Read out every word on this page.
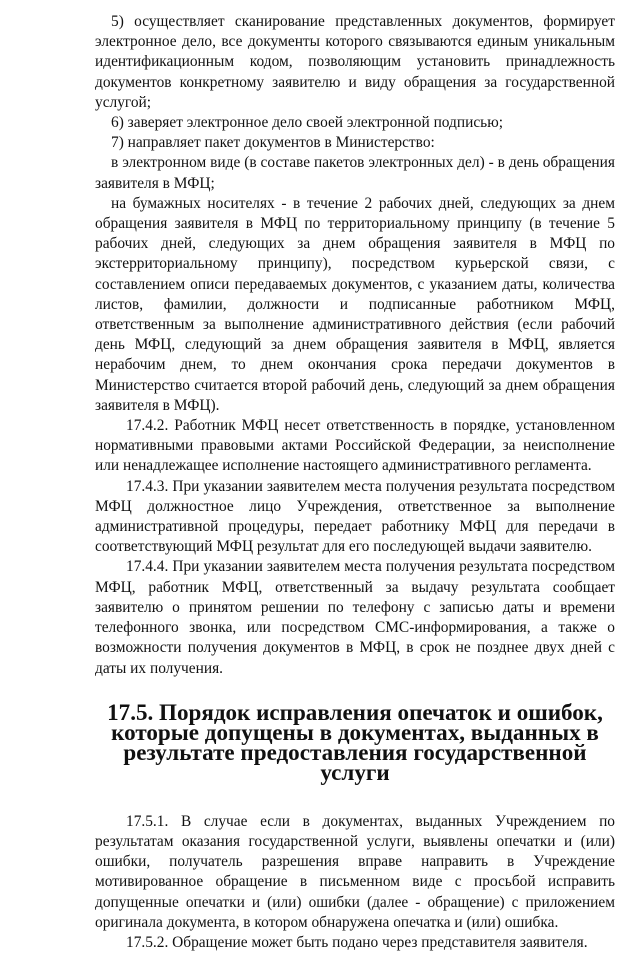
5) осуществляет сканирование представленных документов, формирует электронное дело, все документы которого связываются единым уникальным идентификационным кодом, позволяющим установить принадлежность документов конкретному заявителю и виду обращения за государственной услугой;

6) заверяет электронное дело своей электронной подписью;

7) направляет пакет документов в Министерство:

в электронном виде (в составе пакетов электронных дел) - в день обращения заявителя в МФЦ;

на бумажных носителях - в течение 2 рабочих дней, следующих за днем обращения заявителя в МФЦ по территориальному принципу (в течение 5 рабочих дней, следующих за днем обращения заявителя в МФЦ по экстерриториальному принципу), посредством курьерской связи, с составлением описи передаваемых документов, с указанием даты, количества листов, фамилии, должности и подписанные работником МФЦ, ответственным за выполнение административного действия (если рабочий день МФЦ, следующий за днем обращения заявителя в МФЦ, является нерабочим днем, то днем окончания срока передачи документов в Министерство считается второй рабочий день, следующий за днем обращения заявителя в МФЦ).

17.4.2. Работник МФЦ несет ответственность в порядке, установленном нормативными правовыми актами Российской Федерации, за неисполнение или ненадлежащее исполнение настоящего административного регламента.

17.4.3. При указании заявителем места получения результата посредством МФЦ должностное лицо Учреждения, ответственное за выполнение административной процедуры, передает работнику МФЦ для передачи в соответствующий МФЦ результат для его последующей выдачи заявителю.

17.4.4. При указании заявителем места получения результата посредством МФЦ, работник МФЦ, ответственный за выдачу результата сообщает заявителю о принятом решении по телефону с записью даты и времени телефонного звонка, или посредством СМС-информирования, а также о возможности получения документов в МФЦ, в срок не позднее двух дней с даты их получения.

17.5. Порядок исправления опечаток и ошибок, которые допущены в документах, выданных в результате предоставления государственной услуги

17.5.1. В случае если в документах, выданных Учреждением по результатам оказания государственной услуги, выявлены опечатки и (или) ошибки, получатель разрешения вправе направить в Учреждение мотивированное обращение в письменном виде с просьбой исправить допущенные опечатки и (или) ошибки (далее - обращение) с приложением оригинала документа, в котором обнаружена опечатка и (или) ошибка.

17.5.2. Обращение может быть подано через представителя заявителя.
